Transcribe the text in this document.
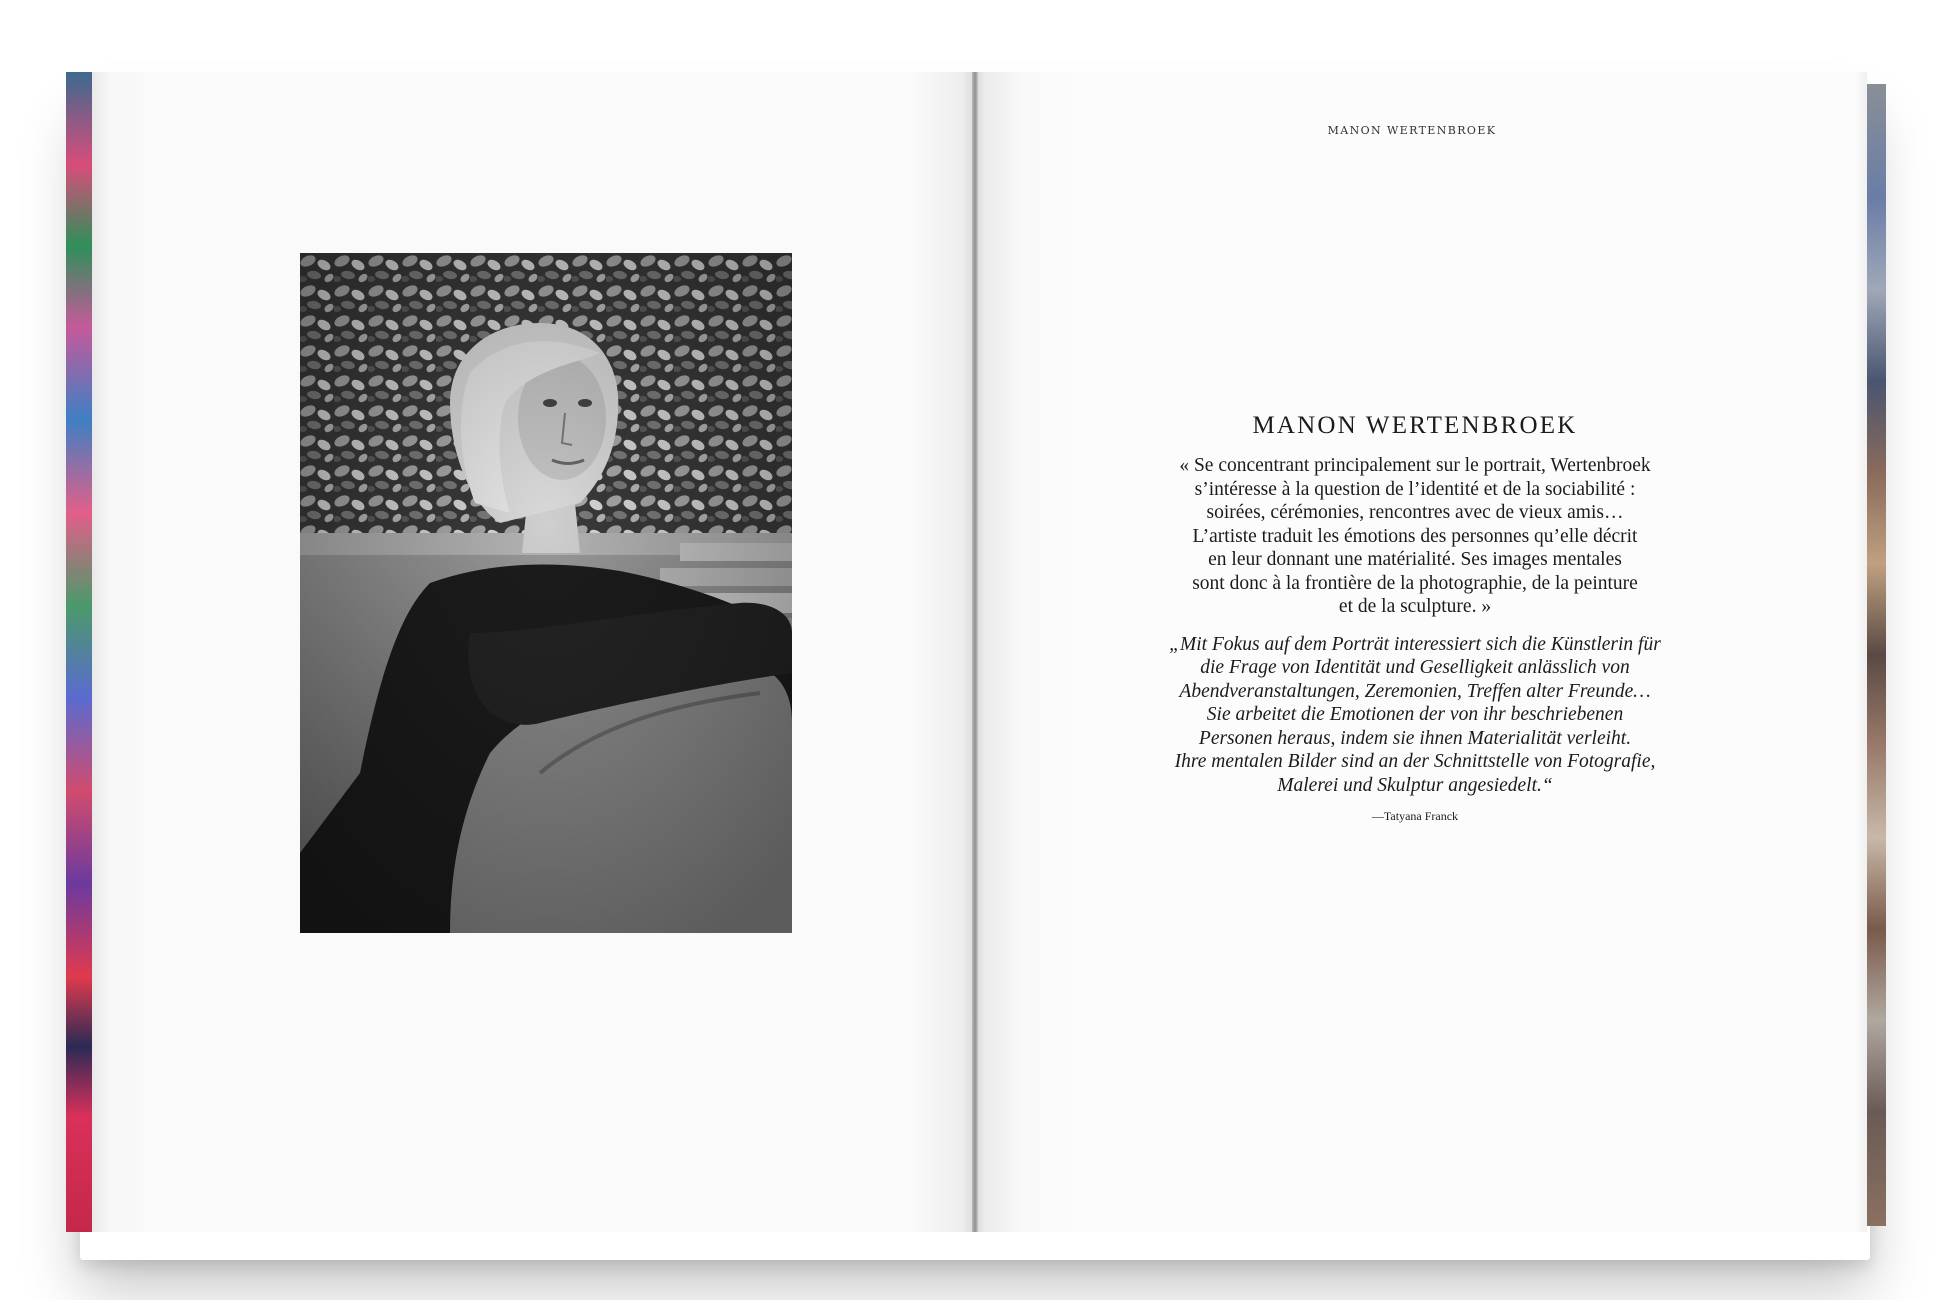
MANON WERTENBROEK
MANON WERTENBROEK

« Se concentrant principalement sur le portrait, Wertenbroek

s’intéresse à la question de l’identité et de la sociabilité :

soirées, cérémonies, rencontres avec de vieux amis…

L’artiste traduit les émotions des personnes qu’elle décrit

en leur donnant une matérialité. Ses images mentales

sont donc à la frontière de la photographie, de la peinture

et de la sculpture. »

„Mit Fokus auf dem Porträt interessiert sich die Künstlerin für

die Frage von Identität und Geselligkeit anlässlich von

Abendveranstaltungen, Zeremonien, Treffen alter Freunde…

Sie arbeitet die Emotionen der von ihr beschriebenen

Personen heraus, indem sie ihnen Materialität verleiht.

Ihre mentalen Bilder sind an der Schnittstelle von Fotografie,

Malerei und Skulptur angesiedelt.“

—Tatyana Franck
